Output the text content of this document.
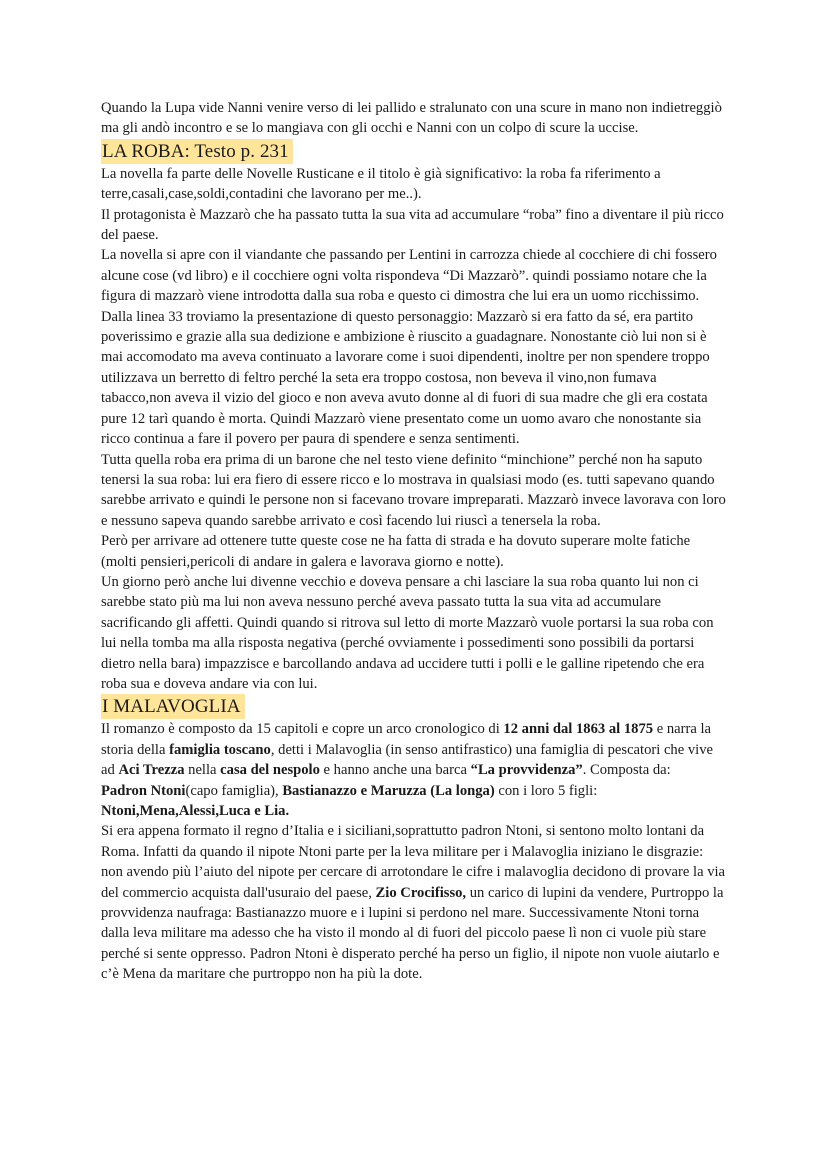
Quando la Lupa vide Nanni venire verso di lei pallido e stralunato con una scure in mano non indietreggiò ma gli andò incontro e se lo mangiava con gli occhi e Nanni con un colpo di scure la uccise.

LA ROBA: Testo p. 231

La novella fa parte delle Novelle Rusticane e il titolo è già significativo: la roba fa riferimento a terre,casali,case,soldi,contadini che lavorano per me..).

Il protagonista è Mazzarò che ha passato tutta la sua vita ad accumulare “roba” fino a diventare il più ricco del paese.

La novella si apre con il viandante che passando per Lentini in carrozza chiede al cocchiere di chi fossero alcune cose (vd libro) e il cocchiere ogni volta rispondeva “Di Mazzarò”. quindi possiamo notare che la figura di mazzarò viene introdotta dalla sua roba e questo ci dimostra che lui era un uomo ricchissimo.

Dalla linea 33 troviamo la presentazione di questo personaggio: Mazzarò si era fatto da sé, era partito poverissimo e grazie alla sua dedizione e ambizione è riuscito a guadagnare. Nonostante ciò lui non si è mai accomodato ma aveva continuato a lavorare come i suoi dipendenti, inoltre per non spendere troppo utilizzava un berretto di feltro perché la seta era troppo costosa, non beveva il vino,non fumava tabacco,non aveva il vizio del gioco e non aveva avuto donne al di fuori di sua madre che gli era costata pure 12 tarì quando è morta. Quindi Mazzarò viene presentato come un uomo avaro che nonostante sia ricco continua a fare il povero per paura di spendere e senza sentimenti.

Tutta quella roba era prima di un barone che nel testo viene definito “minchione” perché non ha saputo tenersi la sua roba: lui era fiero di essere ricco e lo mostrava in qualsiasi modo (es. tutti sapevano quando sarebbe arrivato e quindi le persone non si facevano trovare impreparati. Mazzarò invece lavorava con loro e nessuno sapeva quando sarebbe arrivato e così facendo lui riuscì a tenersela la roba.

Però per arrivare ad ottenere tutte queste cose ne ha fatta di strada e ha dovuto superare molte fatiche (molti pensieri,pericoli di andare in galera e lavorava giorno e notte).

Un giorno però anche lui divenne vecchio e doveva pensare a chi lasciare la sua roba quanto lui non ci sarebbe stato più ma lui non aveva nessuno perché aveva passato tutta la sua vita ad accumulare sacrificando gli affetti. Quindi quando si ritrova sul letto di morte Mazzarò vuole portarsi la sua roba con lui nella tomba ma alla risposta negativa (perché ovviamente i possedimenti sono possibili da portarsi dietro nella bara) impazzisce e barcollando andava ad uccidere tutti i polli e le galline ripetendo che era roba sua e doveva andare via con lui.

I MALAVOGLIA

Il romanzo è composto da 15 capitoli e copre un arco cronologico di 12 anni dal 1863 al 1875 e narra la storia della famiglia toscano, detti i Malavoglia (in senso antifrastico) una famiglia di pescatori che vive ad Aci Trezza nella casa del nespolo e hanno anche una barca “La provvidenza”. Composta da:
Padron Ntoni(capo famiglia), Bastianazzo e Maruzza (La longa) con i loro 5 figli:
Ntoni,Mena,Alessi,Luca e Lia.

Si era appena formato il regno d’Italia e i siciliani,soprattutto padron Ntoni, si sentono molto lontani da Roma. Infatti da quando il nipote Ntoni parte per la leva militare per i Malavoglia iniziano le disgrazie: non avendo più l’aiuto del nipote per cercare di arrotondare le cifre i malavoglia decidono di provare la via del commercio acquista dall'usuraio del paese, Zio Crocifisso, un carico di lupini da vendere, Purtroppo la provvidenza naufraga: Bastianazzo muore e i lupini si perdono nel mare. Successivamente Ntoni torna dalla leva militare ma adesso che ha visto il mondo al di fuori del piccolo paese lì non ci vuole più stare perché si sente oppresso. Padron Ntoni è disperato perché ha perso un figlio, il nipote non vuole aiutarlo e c’è Mena da maritare che purtroppo non ha più la dote.
